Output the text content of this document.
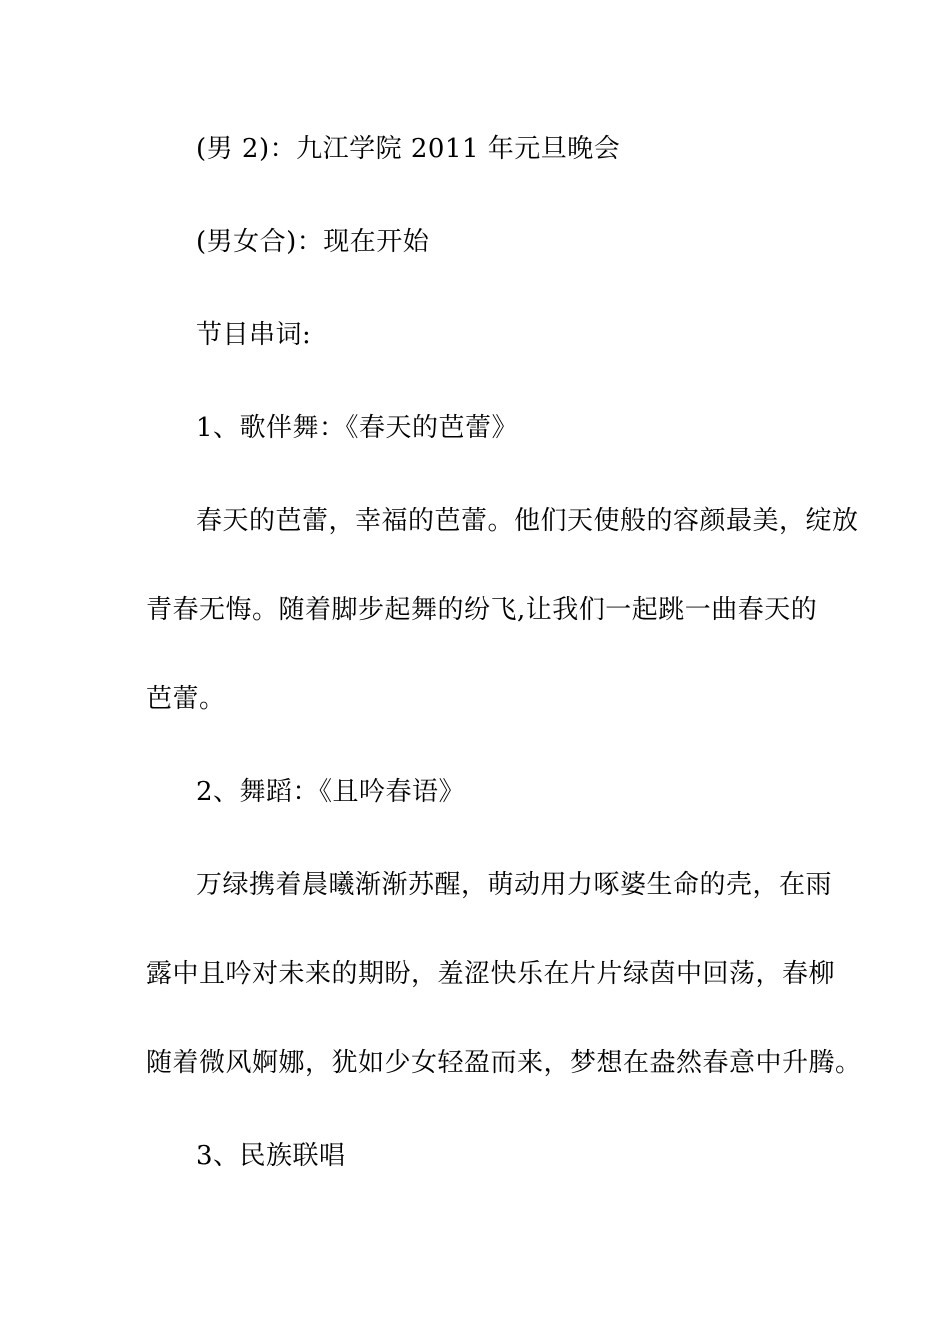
(男 2)：九江学院 2011 年元旦晚会
(男女合)：现在开始
节目串词:
1、歌伴舞：《春天的芭蕾》
春天的芭蕾，幸福的芭蕾。他们天使般的容颜最美，绽放
青春无悔。随着脚步起舞的纷飞,让我们一起跳一曲春天的
芭蕾。
2、舞蹈：《且吟春语》
万绿携着晨曦渐渐苏醒，萌动用力啄婆生命的壳，在雨
露中且吟对未来的期盼，羞涩快乐在片片绿茵中回荡，春柳
随着微风婀娜，犹如少女轻盈而来，梦想在盎然春意中升腾。
3、民族联唱
